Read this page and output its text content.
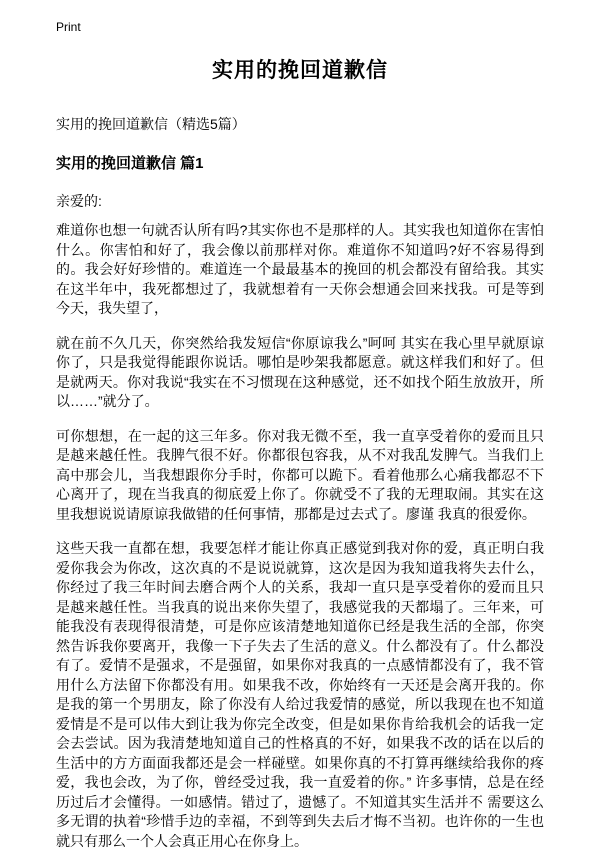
Print
实用的挽回道歉信
实用的挽回道歉信（精选5篇）
实用的挽回道歉信 篇1
亲爱的:

难道你也想一句就否认所有吗?其实你也不是那样的人。其实我也知道你在害怕什么。你害怕和好了，我会像以前那样对你。难道你不知道吗?好不容易得到的。我会好好珍惜的。难道连一个最最基本的挽回的机会都没有留给我。其实在这半年中，我死都想过了，我就想着有一天你会想通会回来找我。可是等到今天，我失望了，

就在前不久几天，你突然给我发短信“你原谅我么”呵呵 其实在我心里早就原谅你了，只是我觉得能跟你说话。哪怕是吵架我都愿意。就这样我们和好了。但是就两天。你对我说“我实在不习惯现在这种感觉，还不如找个陌生放放开，所以……”就分了。

可你想想，在一起的这三年多。你对我无微不至，我一直享受着你的爱而且只是越来越任性。我脾气很不好。你都很包容我，从不对我乱发脾气。当我们上高中那会儿，当我想跟你分手时，你都可以跪下。看着他那么心痛我都忍不下心离开了，现在当我真的彻底爱上你了。你就受不了我的无理取闹。其实在这里我想说说请原谅我做错的任何事情，那都是过去式了。廖谨 我真的很爱你。

这些天我一直都在想，我要怎样才能让你真正感觉到我对你的爱，真正明白我爱你我会为你改，这次真的不是说说就算，这次是因为我知道我将失去什么，你经过了我三年时间去磨合两个人的关系，我却一直只是享受着你的爱而且只是越来越任性。当我真的说出来你失望了，我感觉我的天都塌了。三年来，可能我没有表现得很清楚，可是你应该清楚地知道你已经是我生活的全部，你突然告诉我你要离开，我像一下子失去了生活的意义。什么都没有了。什么都没有了。爱情不是强求，不是强留，如果你对我真的一点感情都没有了，我不管用什么方法留下你都没有用。如果我不改，你始终有一天还是会离开我的。你是我的第一个男朋友，除了你没有人给过我爱情的感觉，所以我现在也不知道爱情是不是可以伟大到让我为你完全改变，但是如果你肯给我机会的话我一定会去尝试。因为我清楚地知道自己的性格真的不好，如果我不改的话在以后的生活中的方方面面我都还是会一样碰壁。如果你真的不打算再继续给我你的疼爱，我也会改，为了你，曾经受过我，我一直爱着的你。” 许多事情，总是在经历过后才会懂得。一如感情。错过了，遗憾了。不知道其实生活并不 需要这么多无谓的执着“珍惜手边的幸福，不到等到失去后才悔不当初。也许你的一生也就只有那么一个人会真正用心在你身上。
